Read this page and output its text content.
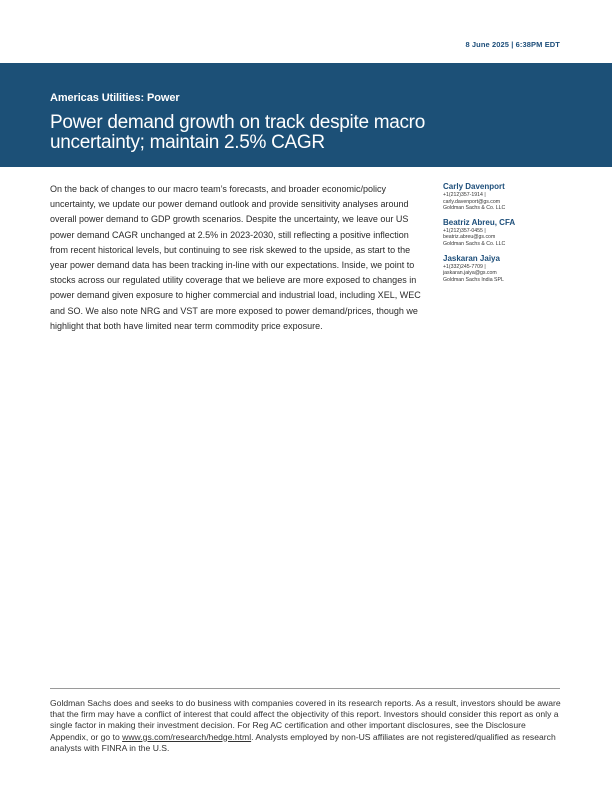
8 June 2025 | 6:38PM EDT
Americas Utilities: Power
Power demand growth on track despite macro uncertainty; maintain 2.5% CAGR
On the back of changes to our macro team’s forecasts, and broader economic/policy uncertainty, we update our power demand outlook and provide sensitivity analyses around overall power demand to GDP growth scenarios. Despite the uncertainty, we leave our US power demand CAGR unchanged at 2.5% in 2023-2030, still reflecting a positive inflection from recent historical levels, but continuing to see risk skewed to the upside, as start to the year power demand data has been tracking in-line with our expectations. Inside, we point to stocks across our regulated utility coverage that we believe are more exposed to changes in power demand given exposure to higher commercial and industrial load, including XEL, WEC and SO. We also note NRG and VST are more exposed to power demand/prices, though we highlight that both have limited near term commodity price exposure.
Carly Davenport
+1(212)357-1914 |
carly.davenport@gs.com
Goldman Sachs & Co. LLC
Beatriz Abreu, CFA
+1(212)357-0455 |
beatriz.abreu@gs.com
Goldman Sachs & Co. LLC
Jaskaran Jaiya
+1(332)245-7709 |
jaskaran.jaiya@gs.com
Goldman Sachs India SPL
Goldman Sachs does and seeks to do business with companies covered in its research reports. As a result, investors should be aware that the firm may have a conflict of interest that could affect the objectivity of this report. Investors should consider this report as only a single factor in making their investment decision. For Reg AC certification and other important disclosures, see the Disclosure Appendix, or go to www.gs.com/research/hedge.html. Analysts employed by non-US affiliates are not registered/qualified as research analysts with FINRA in the U.S.
